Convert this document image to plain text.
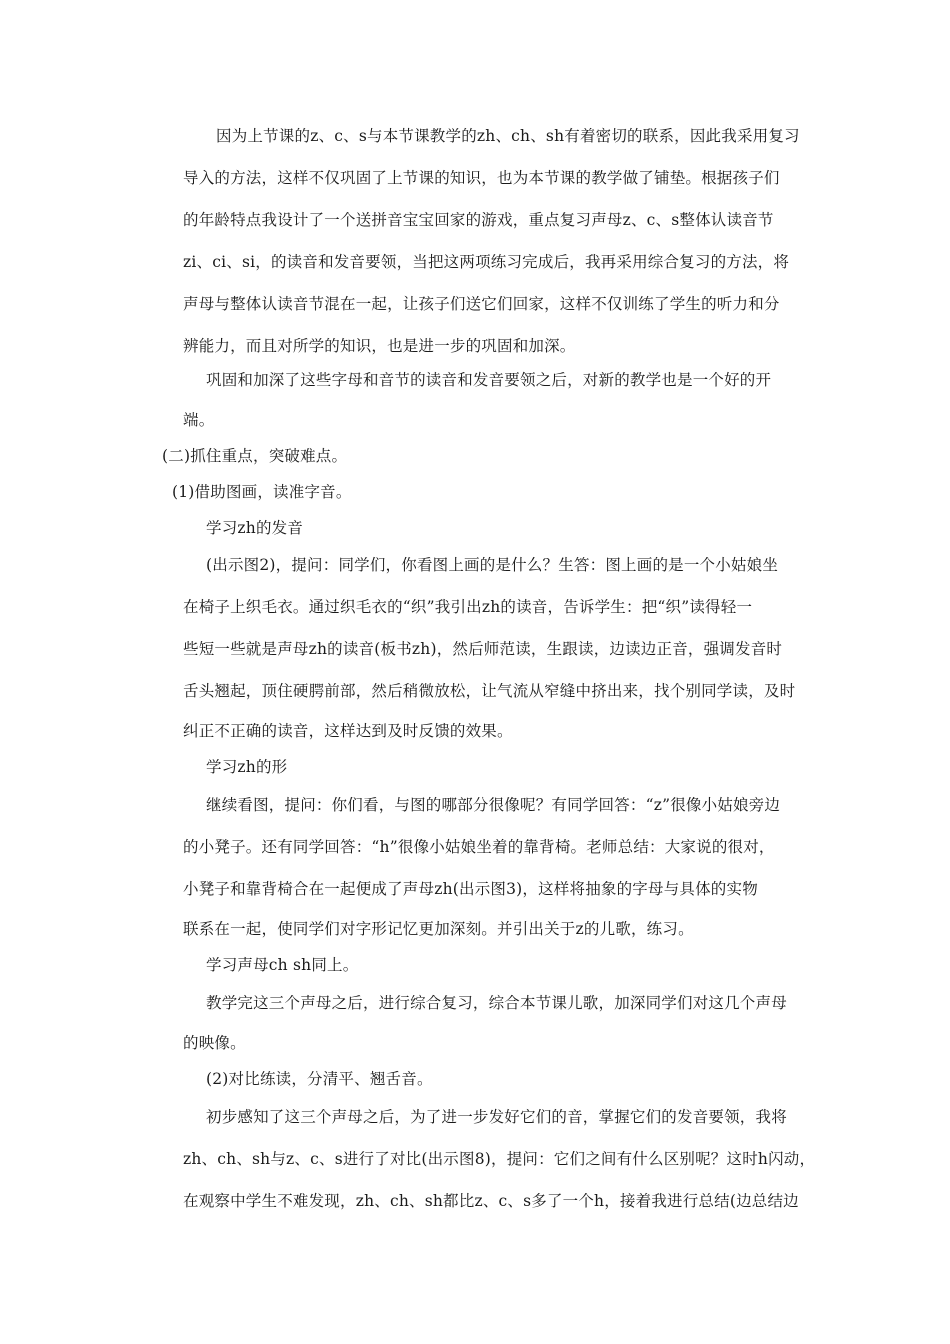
因为上节课的z、c、s与本节课教学的zh、ch、sh有着密切的联系，因此我采用复习
导入的方法，这样不仅巩固了上节课的知识，也为本节课的教学做了铺垫。根据孩子们
的年龄特点我设计了一个送拼音宝宝回家的游戏，重点复习声母z、c、s整体认读音节
zi、ci、si，的读音和发音要领，当把这两项练习完成后，我再采用综合复习的方法，将
声母与整体认读音节混在一起，让孩子们送它们回家，这样不仅训练了学生的听力和分
辨能力，而且对所学的知识，也是进一步的巩固和加深。
巩固和加深了这些字母和音节的读音和发音要领之后，对新的教学也是一个好的开
端。
(二)抓住重点，突破难点。
(1)借助图画，读准字音。
学习zh的发音
(出示图2)，提问：同学们，你看图上画的是什么？生答：图上画的是一个小姑娘坐
在椅子上织毛衣。通过织毛衣的“织”我引出zh的读音，告诉学生：把“织”读得轻一
些短一些就是声母zh的读音(板书zh)，然后师范读，生跟读，边读边正音，强调发音时
舌头翘起，顶住硬腭前部，然后稍微放松，让气流从窄缝中挤出来，找个别同学读，及时
纠正不正确的读音，这样达到及时反馈的效果。
学习zh的形
继续看图，提问：你们看，与图的哪部分很像呢？有同学回答：“z”很像小姑娘旁边
的小凳子。还有同学回答：“h”很像小姑娘坐着的靠背椅。老师总结：大家说的很对，
小凳子和靠背椅合在一起便成了声母zh(出示图3)，这样将抽象的字母与具体的实物
联系在一起，使同学们对字形记忆更加深刻。并引出关于z的儿歌，练习。
学习声母ch sh同上。
教学完这三个声母之后，进行综合复习，综合本节课儿歌，加深同学们对这几个声母
的映像。
(2)对比练读，分清平、翘舌音。
初步感知了这三个声母之后，为了进一步发好它们的音，掌握它们的发音要领，我将
zh、ch、sh与z、c、s进行了对比(出示图8)，提问：它们之间有什么区别呢？这时h闪动，
在观察中学生不难发现，zh、ch、sh都比z、c、s多了一个h，接着我进行总结(边总结边
